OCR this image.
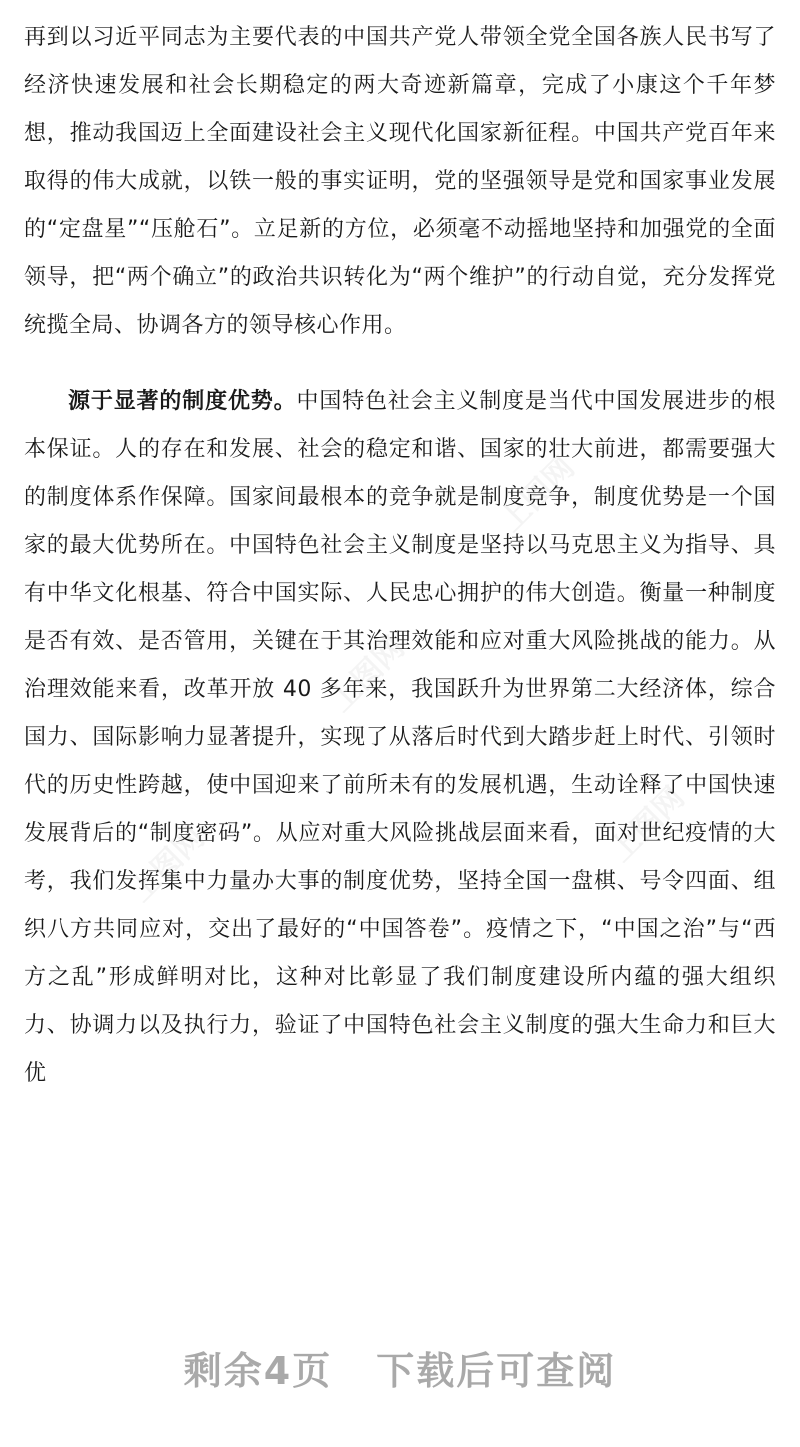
再到以习近平同志为主要代表的中国共产党人带领全党全国各族人民书写了经济快速发展和社会长期稳定的两大奇迹新篇章，完成了小康这个千年梦想，推动我国迈上全面建设社会主义现代化国家新征程。中国共产党百年来取得的伟大成就，以铁一般的事实证明，党的坚强领导是党和国家事业发展的“定盘星”“压舱石”。立足新的方位，必须毫不动摇地坚持和加强党的全面领导，把“两个确立”的政治共识转化为“两个维护”的行动自觉，充分发挥党统揽全局、协调各方的领导核心作用。

源于显著的制度优势。中国特色社会主义制度是当代中国发展进步的根本保证。人的存在和发展、社会的稳定和谐、国家的壮大前进，都需要强大的制度体系作保障。国家间最根本的竞争就是制度竞争，制度优势是一个国家的最大优势所在。中国特色社会主义制度是坚持以马克思主义为指导、具有中华文化根基、符合中国实际、人民忠心拥护的伟大创造。衡量一种制度是否有效、是否管用，关键在于其治理效能和应对重大风险挑战的能力。从治理效能来看，改革开放 40 多年来，我国跃升为世界第二大经济体，综合国力、国际影响力显著提升，实现了从落后时代到大踏步赶上时代、引领时代的历史性跨越，使中国迎来了前所未有的发展机遇，生动诠释了中国快速发展背后的“制度密码”。从应对重大风险挑战层面来看，面对世纪疫情的大考，我们发挥集中力量办大事的制度优势，坚持全国一盘棋、号令四面、组织八方共同应对，交出了最好的“中国答卷”。疫情之下，“中国之治”与“西方之乱”形成鲜明对比，这种对比彰显了我们制度建设所内蕴的强大组织力、协调力以及执行力，验证了中国特色社会主义制度的强大生命力和巨大优

上图网
上图网
上图网	上图网
剩余4页 下载后可查阅
